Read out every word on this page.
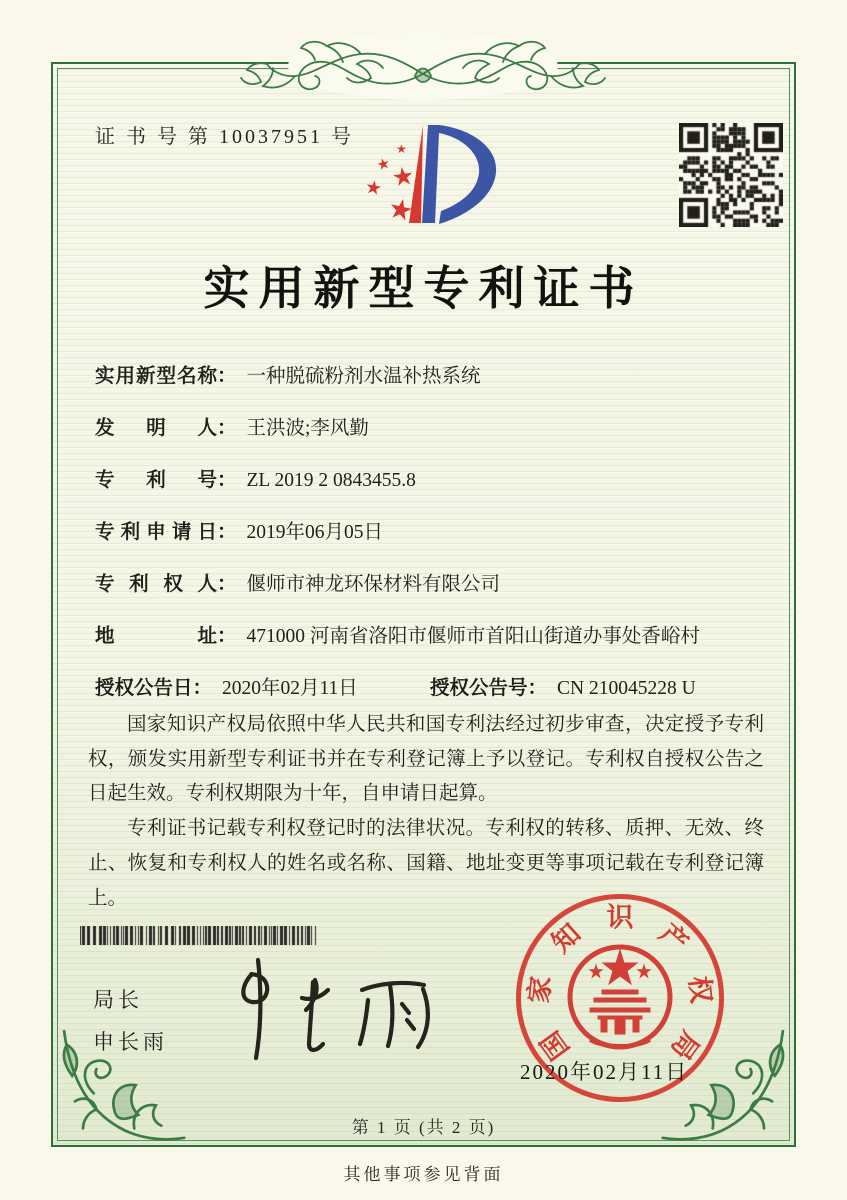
证 书 号 第 10037951 号
★
★
★ ★
★
实用新型专利证书
实用新型名称： 一种脱硫粉剂水温补热系统
发明人： 王洪波;李风勤
专利号： ZL 2019 2 0843455.8
专利申请日： 2019年06月05日
专利权人： 偃师市神龙环保材料有限公司
地址： 471000 河南省洛阳市偃师市首阳山街道办事处香峪村
授权公告日： 2020年02月11日	授权公告号： CN 210045228 U

国家知识产权局依照中华人民共和国专利法经过初步审查，决定授予专利权，颁发实用新型专利证书并在专利登记簿上予以登记。专利权自授权公告之日起生效。专利权期限为十年，自申请日起算。

专利证书记载专利权登记时的法律状况。专利权的转移、质押、无效、终止、恢复和专利权人的姓名或名称、国籍、地址变更等事项记载在专利登记簿上。

局长
申长雨	国
家
知
识
产
权
局
2020年02月11日
第 1 页 (共 2 页)
其他事项参见背面
